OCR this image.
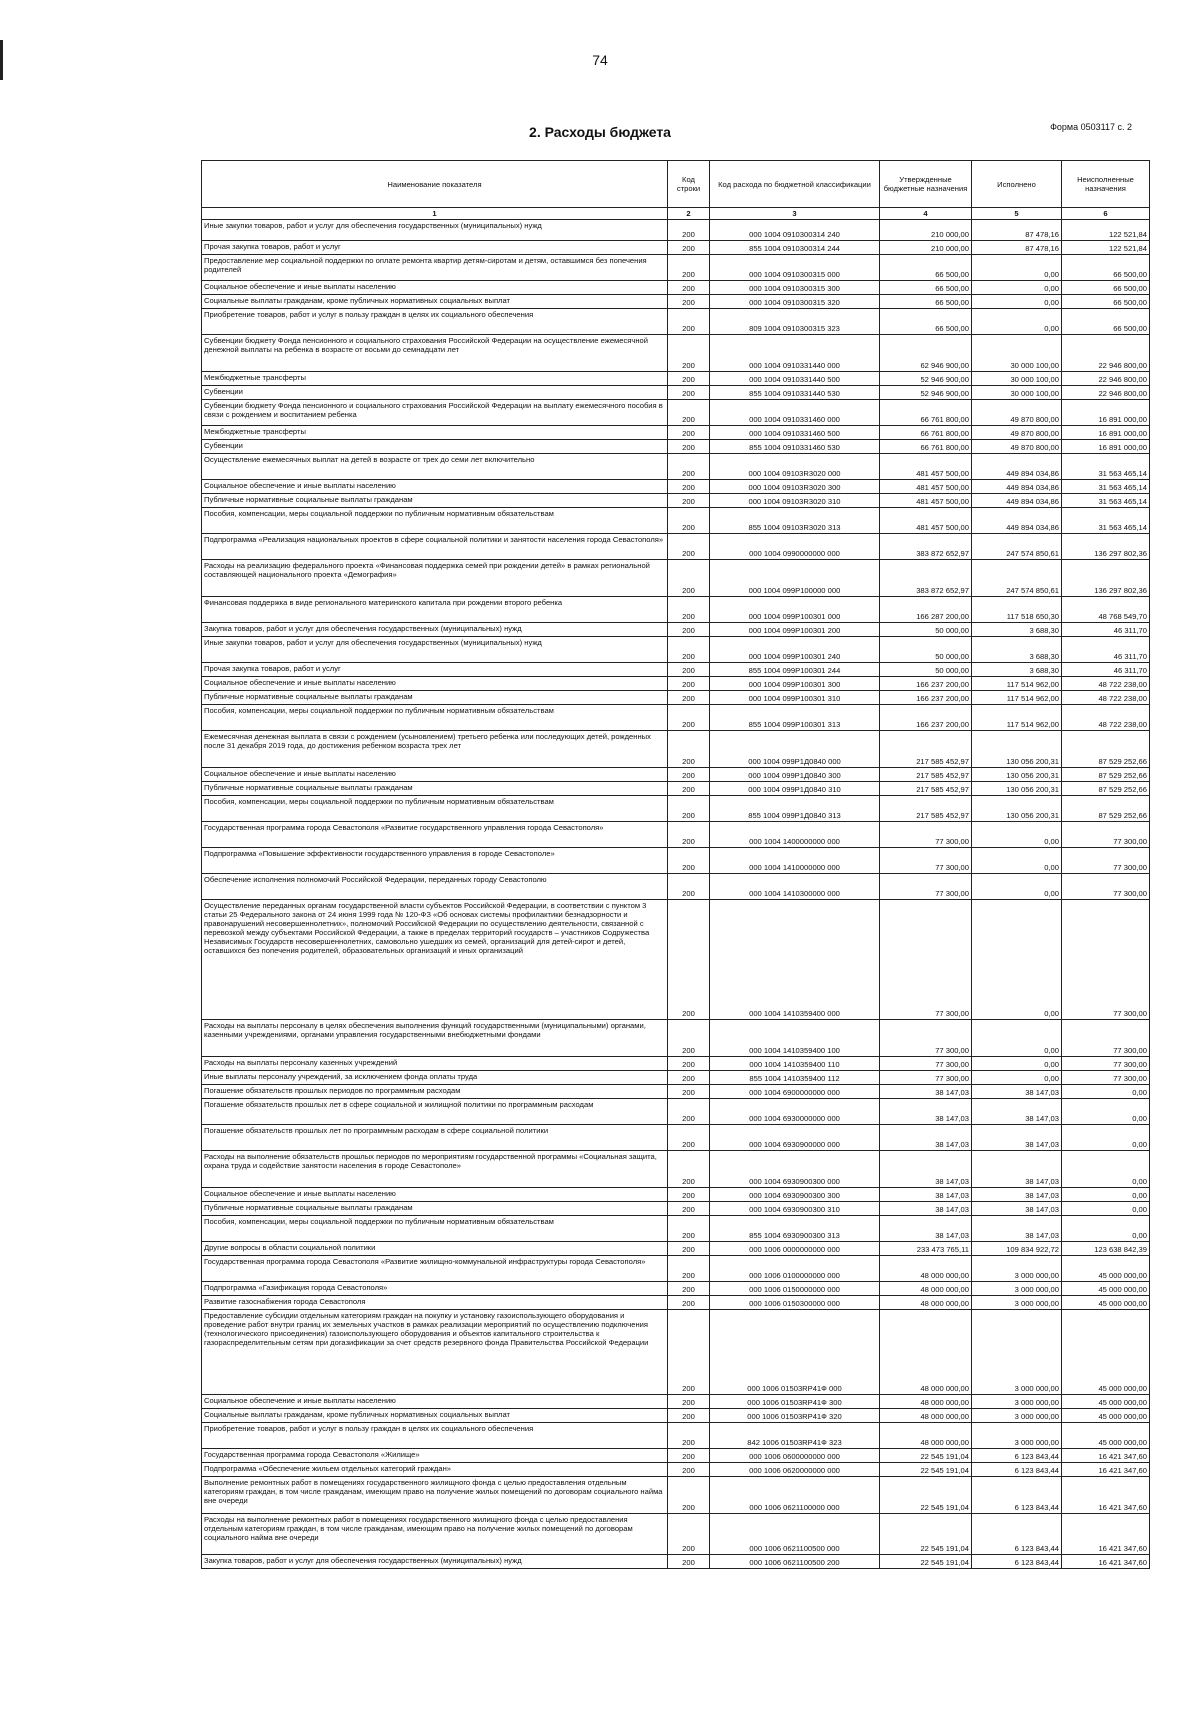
74
Форма 0503117 с. 2
2. Расходы бюджета
Наименование показателя	Код строки	Код расхода по бюджетной классификации	Утвержденные бюджетные назначения	Исполнено	Неисполненные назначения
1	2	3	4	5	6
Иные закупки товаров, работ и услуг для обеспечения государственных (муниципальных) нужд	200	000 1004 0910300314 240	210 000,00	87 478,16	122 521,84
Прочая закупка товаров, работ и услуг	200	855 1004 0910300314 244	210 000,00	87 478,16	122 521,84
Предоставление мер социальной поддержки по оплате ремонта квартир детям-сиротам и детям, оставшимся без попечения родителей	200	000 1004 0910300315 000	66 500,00	0,00	66 500,00
Социальное обеспечение и иные выплаты населению	200	000 1004 0910300315 300	66 500,00	0,00	66 500,00
Социальные выплаты гражданам, кроме публичных нормативных социальных выплат	200	000 1004 0910300315 320	66 500,00	0,00	66 500,00
Приобретение товаров, работ и услуг в пользу граждан в целях их социального обеспечения	200	809 1004 0910300315 323	66 500,00	0,00	66 500,00
Субвенции бюджету Фонда пенсионного и социального страхования Российской Федерации на осуществление ежемесячной денежной выплаты на ребенка в возрасте от восьми до семнадцати лет	200	000 1004 0910331440 000	62 946 900,00	30 000 100,00	22 946 800,00
Межбюджетные трансферты	200	000 1004 0910331440 500	52 946 900,00	30 000 100,00	22 946 800,00
Субвенции	200	855 1004 0910331440 530	52 946 900,00	30 000 100,00	22 946 800,00
Субвенции бюджету Фонда пенсионного и социального страхования Российской Федерации на выплату ежемесячного пособия в связи с рождением и воспитанием ребенка	200	000 1004 0910331460 000	66 761 800,00	49 870 800,00	16 891 000,00
Межбюджетные трансферты	200	000 1004 0910331460 500	66 761 800,00	49 870 800,00	16 891 000,00
Субвенции	200	855 1004 0910331460 530	66 761 800,00	49 870 800,00	16 891 000,00
Осуществление ежемесячных выплат на детей в возрасте от трех до семи лет включительно	200	000 1004 09103R3020 000	481 457 500,00	449 894 034,86	31 563 465,14
Социальное обеспечение и иные выплаты населению	200	000 1004 09103R3020 300	481 457 500,00	449 894 034,86	31 563 465,14
Публичные нормативные социальные выплаты гражданам	200	000 1004 09103R3020 310	481 457 500,00	449 894 034,86	31 563 465,14
Пособия, компенсации, меры социальной поддержки по публичным нормативным обязательствам	200	855 1004 09103R3020 313	481 457 500,00	449 894 034,86	31 563 465,14
Подпрограмма «Реализация национальных проектов в сфере социальной политики и занятости населения города Севастополя»	200	000 1004 0990000000 000	383 872 652,97	247 574 850,61	136 297 802,36
Расходы на реализацию федерального проекта «Финансовая поддержка семей при рождении детей» в рамках региональной составляющей национального проекта «Демография»	200	000 1004 099P100000 000	383 872 652,97	247 574 850,61	136 297 802,36
Финансовая поддержка в виде регионального материнского капитала при рождении второго ребенка	200	000 1004 099P100301 000	166 287 200,00	117 518 650,30	48 768 549,70
Закупка товаров, работ и услуг для обеспечения государственных (муниципальных) нужд	200	000 1004 099P100301 200	50 000,00	3 688,30	46 311,70
Иные закупки товаров, работ и услуг для обеспечения государственных (муниципальных) нужд	200	000 1004 099P100301 240	50 000,00	3 688,30	46 311,70
Прочая закупка товаров, работ и услуг	200	855 1004 099P100301 244	50 000,00	3 688,30	46 311,70
Социальное обеспечение и иные выплаты населению	200	000 1004 099P100301 300	166 237 200,00	117 514 962,00	48 722 238,00
Публичные нормативные социальные выплаты гражданам	200	000 1004 099P100301 310	166 237 200,00	117 514 962,00	48 722 238,00
Пособия, компенсации, меры социальной поддержки по публичным нормативным обязательствам	200	855 1004 099P100301 313	166 237 200,00	117 514 962,00	48 722 238,00
Ежемесячная денежная выплата в связи с рождением (усыновлением) третьего ребенка или последующих детей, рожденных после 31 декабря 2019 года, до достижения ребенком возраста трех лет	200	000 1004 099P1Д0840 000	217 585 452,97	130 056 200,31	87 529 252,66
Социальное обеспечение и иные выплаты населению	200	000 1004 099P1Д0840 300	217 585 452,97	130 056 200,31	87 529 252,66
Публичные нормативные социальные выплаты гражданам	200	000 1004 099P1Д0840 310	217 585 452,97	130 056 200,31	87 529 252,66
Пособия, компенсации, меры социальной поддержки по публичным нормативным обязательствам	200	855 1004 099P1Д0840 313	217 585 452,97	130 056 200,31	87 529 252,66
Государственная программа города Севастополя «Развитие государственного управления города Севастополя»	200	000 1004 1400000000 000	77 300,00	0,00	77 300,00
Подпрограмма «Повышение эффективности государственного управления в городе Севастополе»	200	000 1004 1410000000 000	77 300,00	0,00	77 300,00
Обеспечение исполнения полномочий Российской Федерации, переданных городу Севастополю	200	000 1004 1410300000 000	77 300,00	0,00	77 300,00
Осуществление переданных органам государственной власти субъектов Российской Федерации, в соответствии с пунктом 3 статьи 25 Федерального закона от 24 июня 1999 года № 120-ФЗ «Об основах системы профилактики безнадзорности и правонарушений несовершеннолетних», полномочий Российской Федерации по осуществлению деятельности, связанной с перевозкой между субъектами Российской Федерации, а также в пределах территорий государств – участников Содружества Независимых Государств несовершеннолетних, самовольно ушедших из семей, организаций для детей-сирот и детей, оставшихся без попечения родителей, образовательных организаций и иных организаций	200	000 1004 1410359400 000	77 300,00	0,00	77 300,00
Расходы на выплаты персоналу в целях обеспечения выполнения функций государственными (муниципальными) органами, казенными учреждениями, органами управления государственными внебюджетными фондами	200	000 1004 1410359400 100	77 300,00	0,00	77 300,00
Расходы на выплаты персоналу казенных учреждений	200	000 1004 1410359400 110	77 300,00	0,00	77 300,00
Иные выплаты персоналу учреждений, за исключением фонда оплаты труда	200	855 1004 1410359400 112	77 300,00	0,00	77 300,00
Погашение обязательств прошлых периодов по программным расходам	200	000 1004 6900000000 000	38 147,03	38 147,03	0,00
Погашение обязательств прошлых лет в сфере социальной и жилищной политики по программным расходам	200	000 1004 6930000000 000	38 147,03	38 147,03	0,00
Погашение обязательств прошлых лет по программным расходам в сфере социальной политики	200	000 1004 6930900000 000	38 147,03	38 147,03	0,00
Расходы на выполнение обязательств прошлых периодов по мероприятиям государственной программы «Социальная защита, охрана труда и содействие занятости населения в городе Севастополе»	200	000 1004 6930900300 000	38 147,03	38 147,03	0,00
Социальное обеспечение и иные выплаты населению	200	000 1004 6930900300 300	38 147,03	38 147,03	0,00
Публичные нормативные социальные выплаты гражданам	200	000 1004 6930900300 310	38 147,03	38 147,03	0,00
Пособия, компенсации, меры социальной поддержки по публичным нормативным обязательствам	200	855 1004 6930900300 313	38 147,03	38 147,03	0,00
Другие вопросы в области социальной политики	200	000 1006 0000000000 000	233 473 765,11	109 834 922,72	123 638 842,39
Государственная программа города Севастополя «Развитие жилищно-коммунальной инфраструктуры города Севастополя»	200	000 1006 0100000000 000	48 000 000,00	3 000 000,00	45 000 000,00
Подпрограмма «Газификация города Севастополя»	200	000 1006 0150000000 000	48 000 000,00	3 000 000,00	45 000 000,00
Развитие газоснабжения города Севастополя	200	000 1006 0150300000 000	48 000 000,00	3 000 000,00	45 000 000,00
Предоставление субсидии отдельным категориям граждан на покупку и установку газоиспользующего оборудования и проведение работ внутри границ их земельных участков в рамках реализации мероприятий по осуществлению подключения (технологического присоединения) газоиспользующего оборудования и объектов капитального строительства к газораспределительным сетям при догазификации за счет средств резервного фонда Правительства Российской Федерации	200	000 1006 01503RP41Ф 000	48 000 000,00	3 000 000,00	45 000 000,00
Социальное обеспечение и иные выплаты населению	200	000 1006 01503RP41Ф 300	48 000 000,00	3 000 000,00	45 000 000,00
Социальные выплаты гражданам, кроме публичных нормативных социальных выплат	200	000 1006 01503RP41Ф 320	48 000 000,00	3 000 000,00	45 000 000,00
Приобретение товаров, работ и услуг в пользу граждан в целях их социального обеспечения	200	842 1006 01503RP41Ф 323	48 000 000,00	3 000 000,00	45 000 000,00
Государственная программа города Севастополя «Жилище»	200	000 1006 0600000000 000	22 545 191,04	6 123 843,44	16 421 347,60
Подпрограмма «Обеспечение жильем отдельных категорий граждан»	200	000 1006 0620000000 000	22 545 191,04	6 123 843,44	16 421 347,60
Выполнение ремонтных работ в помещениях государственного жилищного фонда с целью предоставления отдельным категориям граждан, в том числе гражданам, имеющим право на получение жилых помещений по договорам социального найма вне очереди	200	000 1006 0621100000 000	22 545 191,04	6 123 843,44	16 421 347,60
Расходы на выполнение ремонтных работ в помещениях государственного жилищного фонда с целью предоставления отдельным категориям граждан, в том числе гражданам, имеющим право на получение жилых помещений по договорам социального найма вне очереди	200	000 1006 0621100500 000	22 545 191,04	6 123 843,44	16 421 347,60
Закупка товаров, работ и услуг для обеспечения государственных (муниципальных) нужд	200	000 1006 0621100500 200	22 545 191,04	6 123 843,44	16 421 347,60
